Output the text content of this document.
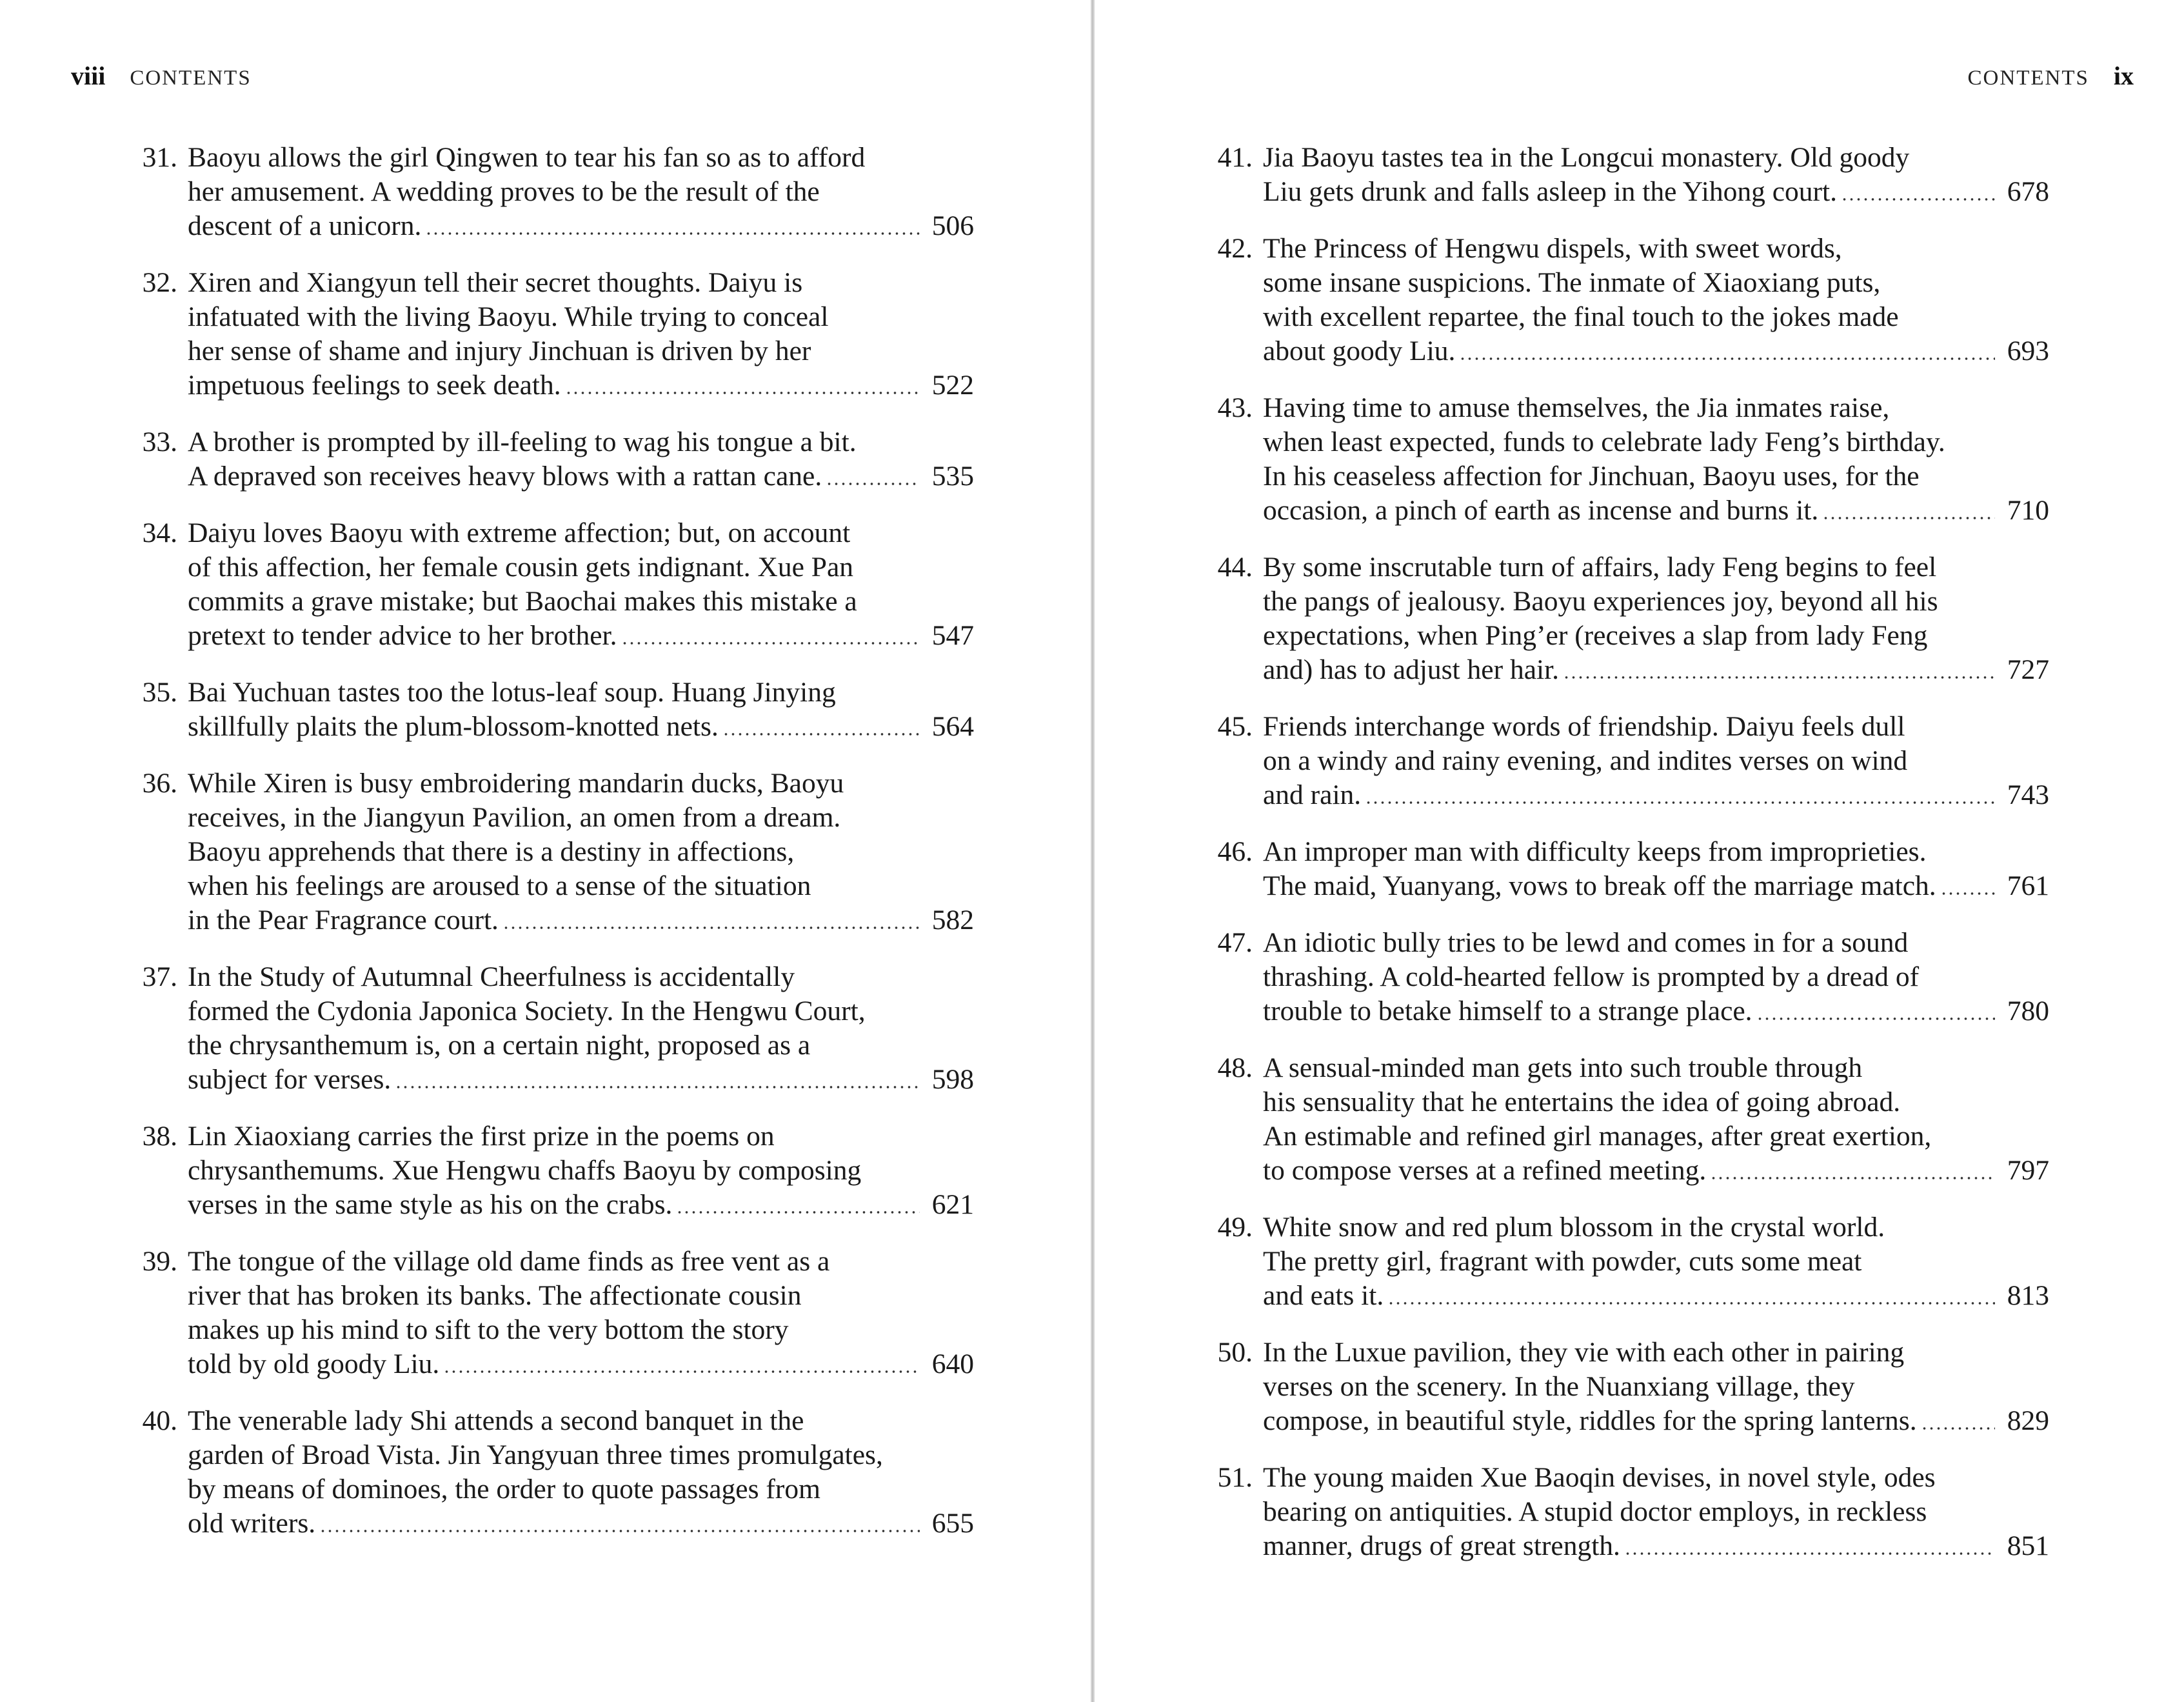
viii CONTENTS
31. Baoyu allows the girl Qingwen to tear his fan so as to afford
her amusement. A wedding proves to be the result of the
descent of a unicorn.	506
32. Xiren and Xiangyun tell their secret thoughts. Daiyu is
infatuated with the living Baoyu. While trying to conceal
her sense of shame and injury Jinchuan is driven by her
impetuous feelings to seek death.	522
33. A brother is prompted by ill-feeling to wag his tongue a bit.
A depraved son receives heavy blows with a rattan cane.	535
34. Daiyu loves Baoyu with extreme affection; but, on account
of this affection, her female cousin gets indignant. Xue Pan
commits a grave mistake; but Baochai makes this mistake a
pretext to tender advice to her brother.	547
35. Bai Yuchuan tastes too the lotus-leaf soup. Huang Jinying
skillfully plaits the plum-blossom-knotted nets.	564
36. While Xiren is busy embroidering mandarin ducks, Baoyu
receives, in the Jiangyun Pavilion, an omen from a dream.
Baoyu apprehends that there is a destiny in affections,
when his feelings are aroused to a sense of the situation
in the Pear Fragrance court.	582
37. In the Study of Autumnal Cheerfulness is accidentally
formed the Cydonia Japonica Society. In the Hengwu Court,
the chrysanthemum is, on a certain night, proposed as a
subject for verses.	598
38. Lin Xiaoxiang carries the first prize in the poems on
chrysanthemums. Xue Hengwu chaffs Baoyu by composing
verses in the same style as his on the crabs.	621
39. The tongue of the village old dame finds as free vent as a
river that has broken its banks. The affectionate cousin
makes up his mind to sift to the very bottom the story
told by old goody Liu.	640
40. The venerable lady Shi attends a second banquet in the
garden of Broad Vista. Jin Yangyuan three times promulgates,
by means of dominoes, the order to quote passages from
old writers.	655
CONTENTS ix
41. Jia Baoyu tastes tea in the Longcui monastery. Old goody
Liu gets drunk and falls asleep in the Yihong court.	678
42. The Princess of Hengwu dispels, with sweet words,
some insane suspicions. The inmate of Xiaoxiang puts,
with excellent repartee, the final touch to the jokes made
about goody Liu.	693
43. Having time to amuse themselves, the Jia inmates raise,
when least expected, funds to celebrate lady Feng’s birthday.
In his ceaseless affection for Jinchuan, Baoyu uses, for the
occasion, a pinch of earth as incense and burns it.	710
44. By some inscrutable turn of affairs, lady Feng begins to feel
the pangs of jealousy. Baoyu experiences joy, beyond all his
expectations, when Ping’er (receives a slap from lady Feng
and) has to adjust her hair.	727
45. Friends interchange words of friendship. Daiyu feels dull
on a windy and rainy evening, and indites verses on wind
and rain.	743
46. An improper man with difficulty keeps from improprieties.
The maid, Yuanyang, vows to break off the marriage match.	761
47. An idiotic bully tries to be lewd and comes in for a sound
thrashing. A cold-hearted fellow is prompted by a dread of
trouble to betake himself to a strange place.	780
48. A sensual-minded man gets into such trouble through
his sensuality that he entertains the idea of going abroad.
An estimable and refined girl manages, after great exertion,
to compose verses at a refined meeting.	797
49. White snow and red plum blossom in the crystal world.
The pretty girl, fragrant with powder, cuts some meat
and eats it.	813
50. In the Luxue pavilion, they vie with each other in pairing
verses on the scenery. In the Nuanxiang village, they
compose, in beautiful style, riddles for the spring lanterns.	829
51. The young maiden Xue Baoqin devises, in novel style, odes
bearing on antiquities. A stupid doctor employs, in reckless
manner, drugs of great strength.	851
